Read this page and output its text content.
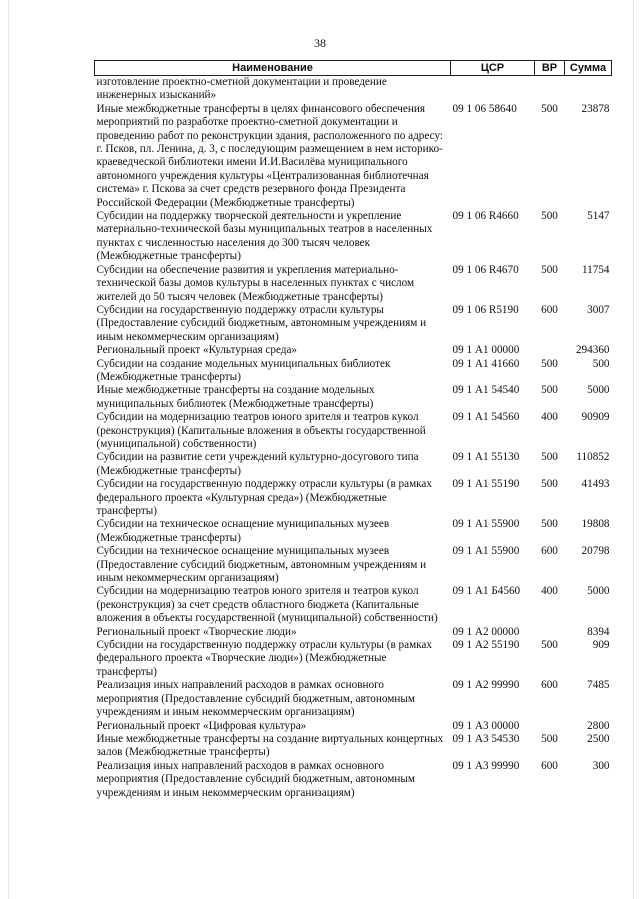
38
Наименование	ЦСР	ВР	Сумма
изготовление проектно-сметной документации и проведение инженерных изысканий»			
Иные межбюджетные трансферты в целях финансового обеспечения мероприятий по разработке проектно-сметной документации и проведению работ по реконструкции здания, расположенного по адресу: г. Псков, пл. Ленина, д. 3, с последующим размещением в нем историко-краеведческой библиотеки имени И.И.Василёва муниципального автономного учреждения культуры «Централизованная библиотечная система» г. Пскова за счет средств резервного фонда Президента Российской Федерации (Межбюджетные трансферты)	09 1 06 58640	500	23878
Субсидии на поддержку творческой деятельности и укрепление материально-технической базы муниципальных театров в населенных пунктах с численностью населения до 300 тысяч человек (Межбюджетные трансферты)	09 1 06 R4660	500	5147
Субсидии на обеспечение развития и укрепления материально-технической базы домов культуры в населенных пунктах с числом жителей до 50 тысяч человек (Межбюджетные трансферты)	09 1 06 R4670	500	11754
Субсидии на государственную поддержку отрасли культуры (Предоставление субсидий бюджетным, автономным учреждениям и иным некоммерческим организациям)	09 1 06 R5190	600	3007
Региональный проект «Культурная среда»	09 1 А1 00000		294360
Субсидии на создание модельных муниципальных библиотек (Межбюджетные трансферты)	09 1 А1 41660	500	500
Иные межбюджетные трансферты на создание модельных муниципальных библиотек (Межбюджетные трансферты)	09 1 А1 54540	500	5000
Субсидии на модернизацию театров юного зрителя и театров кукол (реконструкция) (Капитальные вложения в объекты государственной (муниципальной) собственности)	09 1 А1 54560	400	90909
Субсидии на развитие сети учреждений культурно-досугового типа (Межбюджетные трансферты)	09 1 А1 55130	500	110852
Субсидии на государственную поддержку отрасли культуры (в рамках федерального проекта «Культурная среда») (Межбюджетные трансферты)	09 1 А1 55190	500	41493
Субсидии на техническое оснащение муниципальных музеев (Межбюджетные трансферты)	09 1 А1 55900	500	19808
Субсидии на техническое оснащение муниципальных музеев (Предоставление субсидий бюджетным, автономным учреждениям и иным некоммерческим организациям)	09 1 А1 55900	600	20798
Субсидии на модернизацию театров юного зрителя и театров кукол (реконструкция) за счет средств областного бюджета (Капитальные вложения в объекты государственной (муниципальной) собственности)	09 1 А1 Б4560	400	5000
Региональный проект «Творческие люди»	09 1 А2 00000		8394
Субсидии на государственную поддержку отрасли культуры (в рамках федерального проекта «Творческие люди») (Межбюджетные трансферты)	09 1 А2 55190	500	909
Реализация иных направлений расходов в рамках основного мероприятия (Предоставление субсидий бюджетным, автономным учреждениям и иным некоммерческим организациям)	09 1 А2 99990	600	7485
Региональный проект «Цифровая культура»	09 1 А3 00000		2800
Иные межбюджетные трансферты на создание виртуальных концертных залов (Межбюджетные трансферты)	09 1 А3 54530	500	2500
Реализация иных направлений расходов в рамках основного мероприятия (Предоставление субсидий бюджетным, автономным учреждениям и иным некоммерческим организациям)	09 1 А3 99990	600	300
